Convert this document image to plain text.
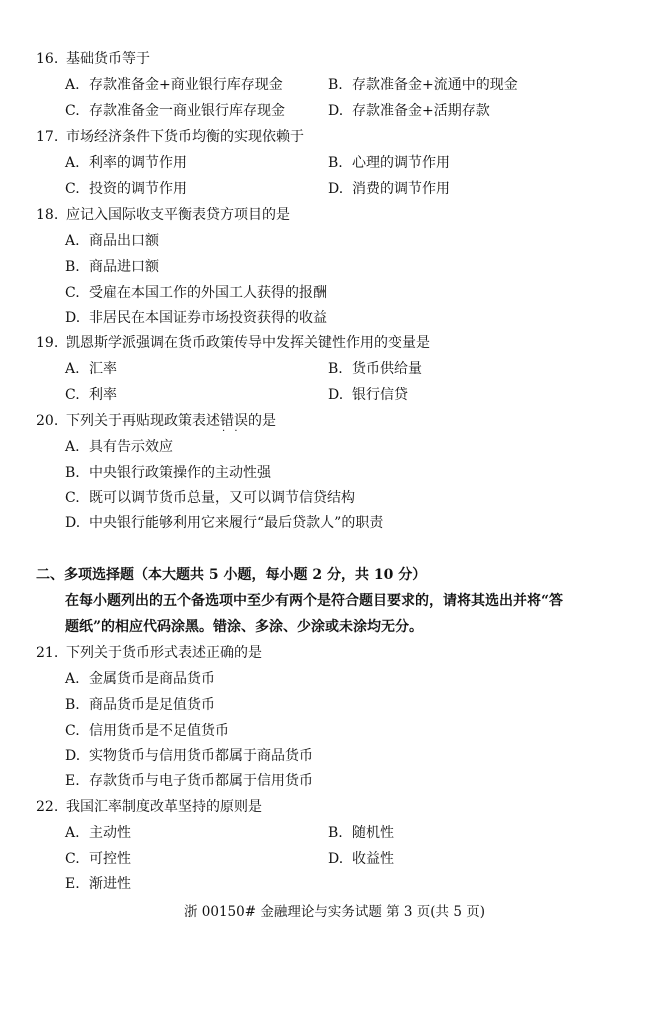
16. 基础货币等于
A. 存款准备金+商业银行库存现金	B. 存款准备金+流通中的现金
C. 存款准备金一商业银行库存现金	D. 存款准备金+活期存款
17. 市场经济条件下货币均衡的实现依赖于
A. 利率的调节作用	B. 心理的调节作用
C. 投资的调节作用	D. 消费的调节作用
18. 应记入国际收支平衡表贷方项目的是
A. 商品出口额
B. 商品进口额
C. 受雇在本国工作的外国工人获得的报酬
D. 非居民在本国证券市场投资获得的收益
19. 凯恩斯学派强调在货币政策传导中发挥关键性作用的变量是
A. 汇率	B. 货币供给量
C. 利率	D. 银行信贷
20. 下列关于再贴现政策表述错误 · ·的是
A. 具有告示效应
B. 中央银行政策操作的主动性强
C. 既可以调节货币总量，又可以调节信贷结构
D. 中央银行能够利用它来履行“最后贷款人”的职责
二、多项选择题（本大题共 5 小题，每小题 2 分，共 10 分）
在每小题列出的五个备选项中至少有两个是符合题目要求的，请将其选出并将“答
题纸”的相应代码涂黑。错涂、多涂、少涂或未涂均无分。
21. 下列关于货币形式表述正确的是
A. 金属货币是商品货币
B. 商品货币是足值货币
C. 信用货币是不足值货币
D. 实物货币与信用货币都属于商品货币
E. 存款货币与电子货币都属于信用货币
22. 我国汇率制度改革坚持的原则是
A. 主动性	B. 随机性
C. 可控性	D. 收益性
E. 渐进性
浙 00150# 金融理论与实务试题 第 3 页(共 5 页)
